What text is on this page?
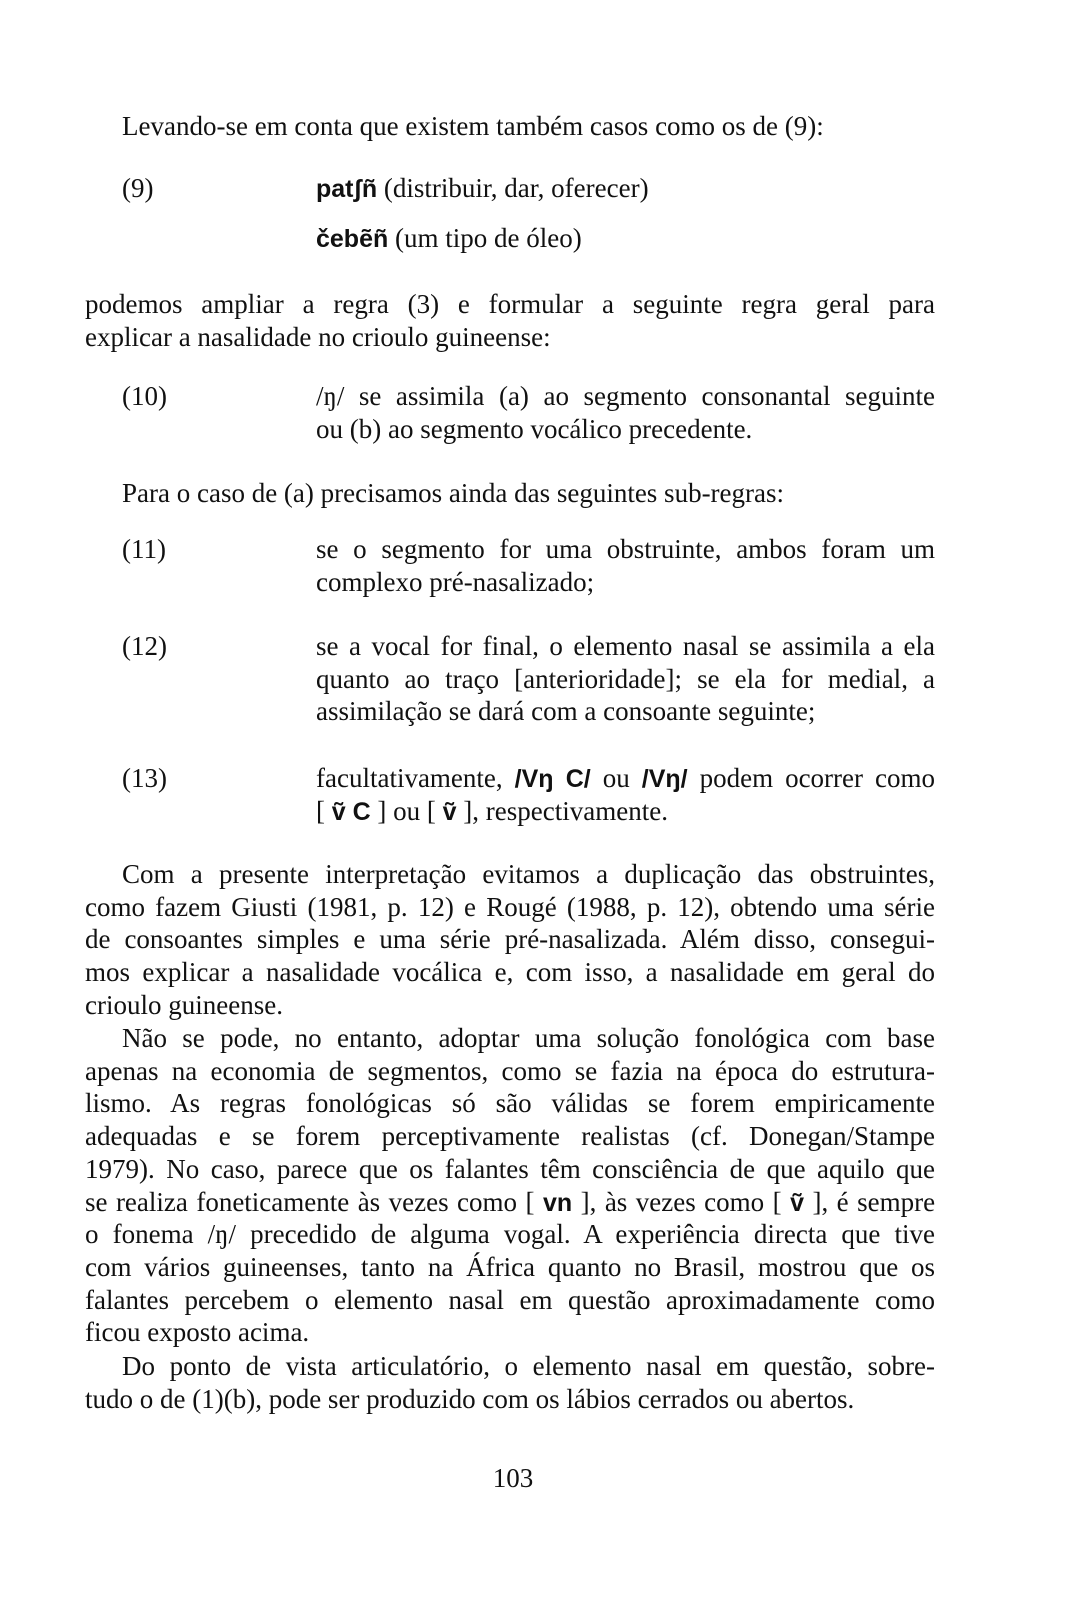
Levando-se em conta que existem também casos como os de (9):
(9)	patʃñ (distribuir, dar, oferecer)
čebẽñ (um tipo de óleo)
podemos ampliar a regra (3) e formular a seguinte regra geral para
explicar a nasalidade no crioulo guineense:
(10)	/ŋ/ se assimila (a) ao segmento consonantal seguinte
ou (b) ao segmento vocálico precedente.
Para o caso de (a) precisamos ainda das seguintes sub-regras:
(11)	se o segmento for uma obstruinte, ambos foram um
complexo pré-nasalizado;
(12)	se a vocal for final, o elemento nasal se assimila a ela
quanto ao traço [anterioridade]; se ela for medial, a
assimilação se dará com a consoante seguinte;
(13)	facultativamente, /Vŋ C/ ou /Vŋ/ podem ocorrer como
[ ṽ C ] ou [ ṽ ], respectivamente.
Com a presente interpretação evitamos a duplicação das obstruintes,
como fazem Giusti (1981, p. 12) e Rougé (1988, p. 12), obtendo uma série
de consoantes simples e uma série pré-nasalizada. Além disso, consegui-
mos explicar a nasalidade vocálica e, com isso, a nasalidade em geral do
crioulo guineense.
Não se pode, no entanto, adoptar uma solução fonológica com base
apenas na economia de segmentos, como se fazia na época do estrutura-
lismo. As regras fonológicas só são válidas se forem empiricamente
adequadas e se forem perceptivamente realistas (cf. Donegan/Stampe
1979). No caso, parece que os falantes têm consciência de que aquilo que
se realiza foneticamente às vezes como [ vn ], às vezes como [ ṽ ], é sempre
o fonema /ŋ/ precedido de alguma vogal. A experiência directa que tive
com vários guineenses, tanto na África quanto no Brasil, mostrou que os
falantes percebem o elemento nasal em questão aproximadamente como
ficou exposto acima.
Do ponto de vista articulatório, o elemento nasal em questão, sobre-
tudo o de (1)(b), pode ser produzido com os lábios cerrados ou abertos.
103
